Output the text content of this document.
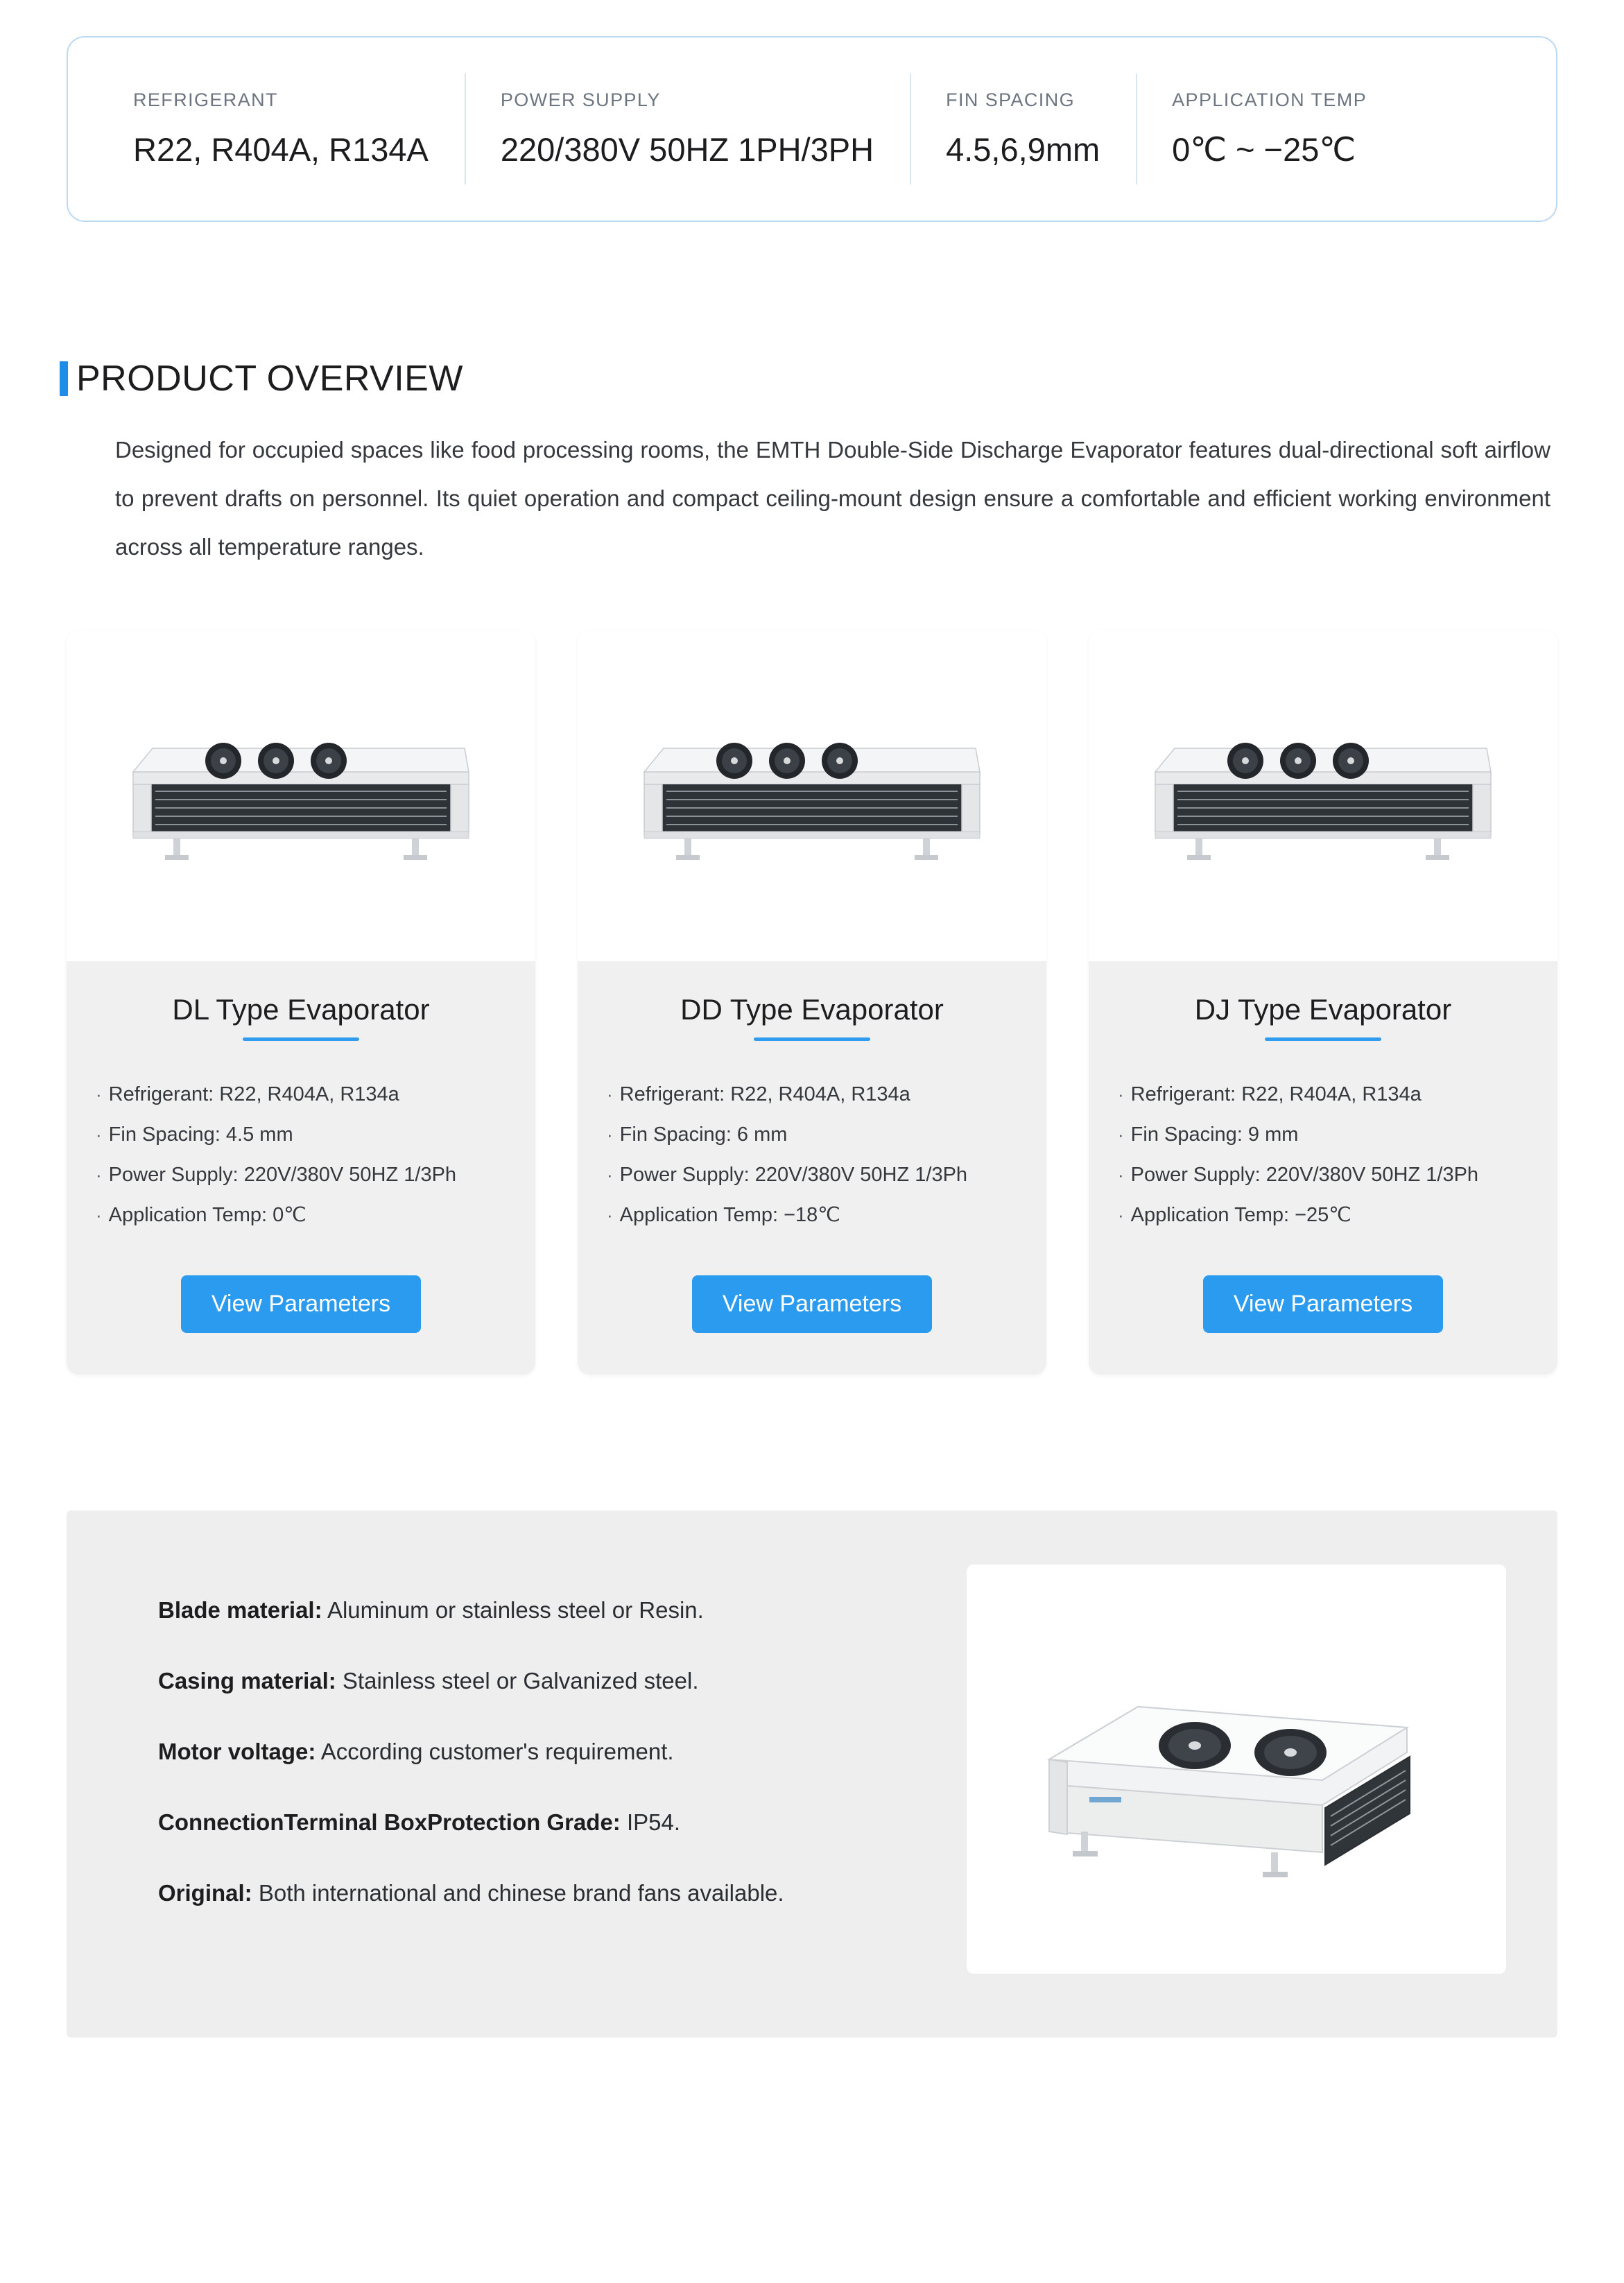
REFRIGERANT
R22, R404A, R134A
POWER SUPPLY
220/380V 50HZ 1PH/3PH
FIN SPACING
4.5,6,9mm
APPLICATION TEMP
0℃ ~ −25℃
PRODUCT OVERVIEW
Designed for occupied spaces like food processing rooms, the EMTH Double-Side Discharge Evaporator features dual-directional soft airflow to prevent drafts on personnel. Its quiet operation and compact ceiling-mount design ensure a comfortable and efficient working environment across all temperature ranges.
DL Type Evaporator
· Refrigerant: R22, R404A, R134a
· Fin Spacing: 4.5 mm
· Power Supply: 220V/380V 50HZ 1/3Ph
· Application Temp: 0℃
View Parameters
DD Type Evaporator
· Refrigerant: R22, R404A, R134a
· Fin Spacing: 6 mm
· Power Supply: 220V/380V 50HZ 1/3Ph
· Application Temp: −18℃
View Parameters
DJ Type Evaporator
· Refrigerant: R22, R404A, R134a
· Fin Spacing: 9 mm
· Power Supply: 220V/380V 50HZ 1/3Ph
· Application Temp: −25℃
View Parameters
Blade material: Aluminum or stainless steel or Resin.
Casing material: Stainless steel or Galvanized steel.
Motor voltage: According customer's requirement.
ConnectionTerminal BoxProtection Grade: IP54.
Original: Both international and chinese brand fans available.
